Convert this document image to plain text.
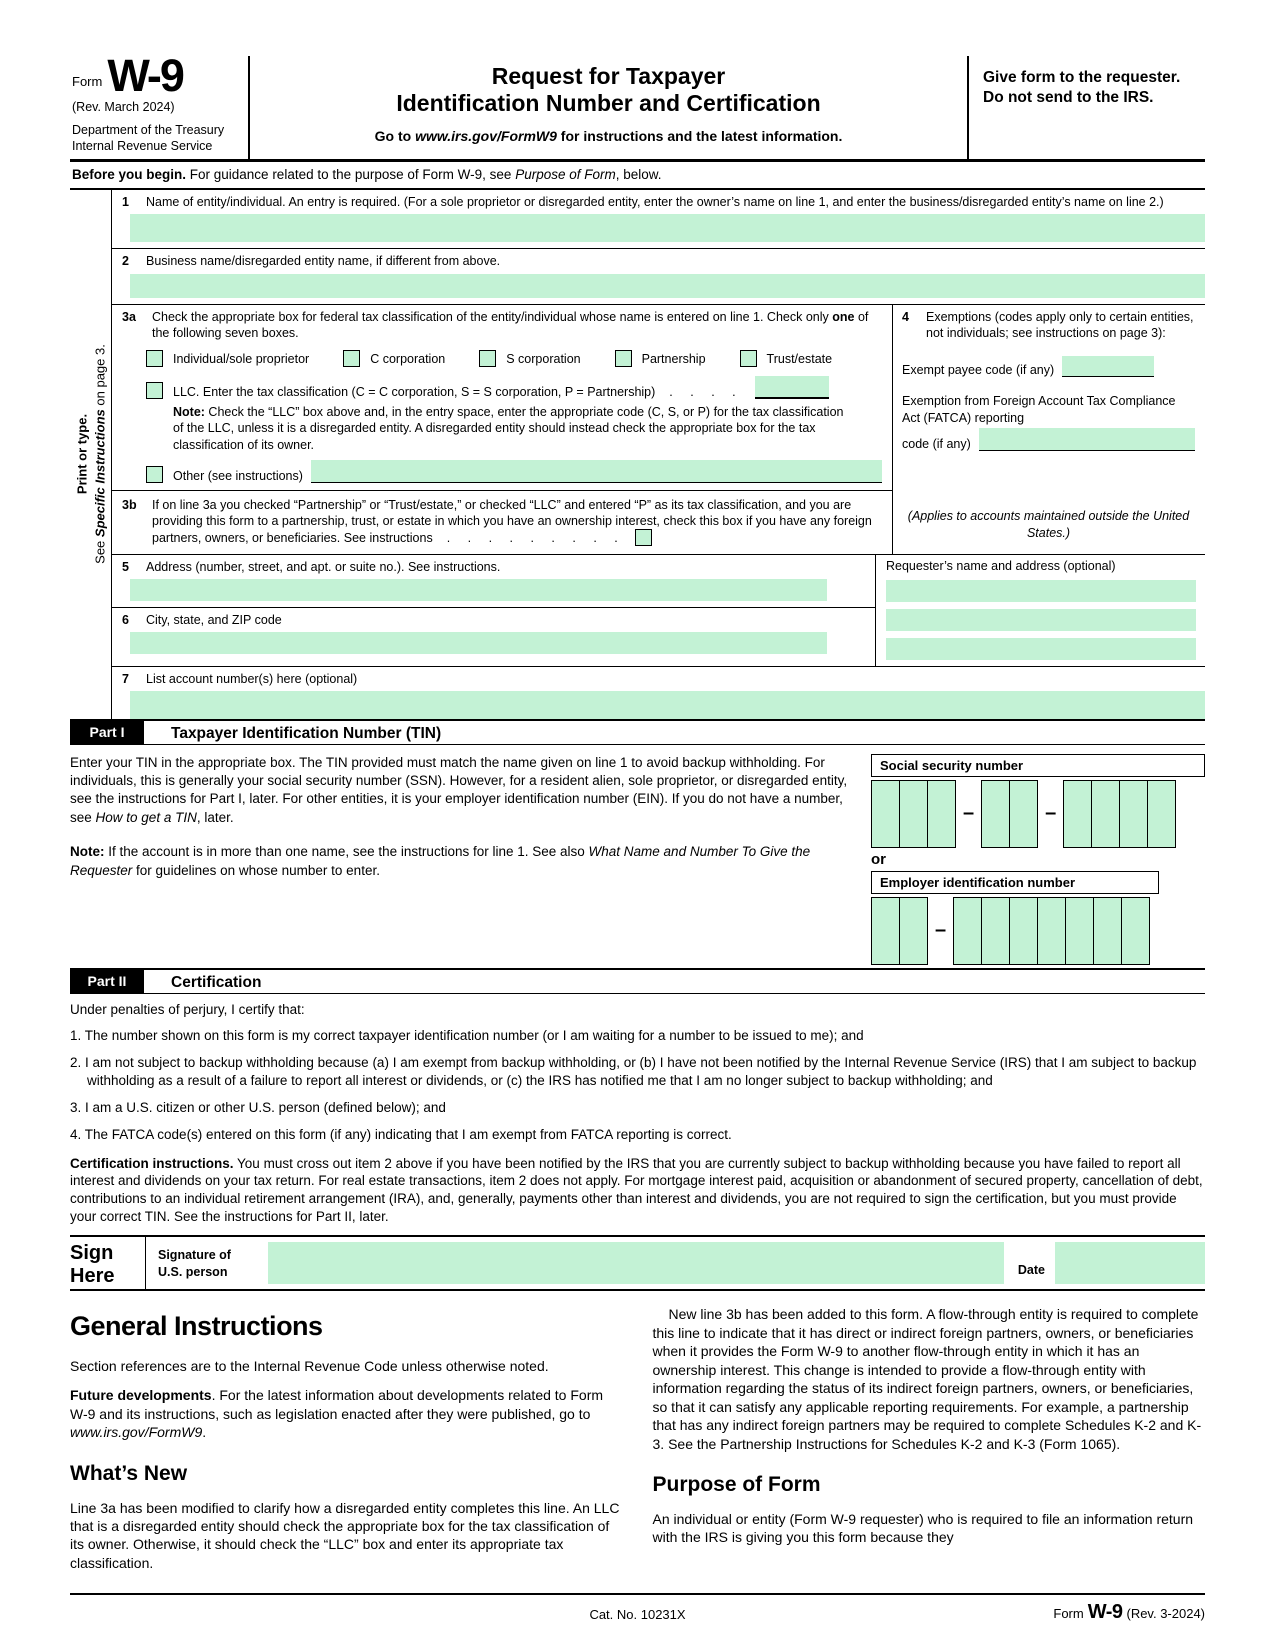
Form W-9
(Rev. March 2024)
Department of the Treasury
Internal Revenue Service
Request for Taxpayer
Identification Number and Certification
Go to www.irs.gov/FormW9 for instructions and the latest information.
Give form to the requester. Do not send to the IRS.
Before you begin. For guidance related to the purpose of Form W-9, see Purpose of Form, below.
Print or type.
See Specific Instructions on page 3.
1	Name of entity/individual. An entry is required. (For a sole proprietor or disregarded entity, enter the owner’s name on line 1, and enter the business/disregarded entity’s name on line 2.)
2	Business name/disregarded entity name, if different from above.
3a	Check the appropriate box for federal tax classification of the entity/individual whose name is entered on line 1. Check only one of the following seven boxes.
Individual/sole proprietor	C corporation	S corporation	Partnership	Trust/estate
LLC. Enter the tax classification (C = C corporation, S = S corporation, P = Partnership) . . . .
Note: Check the “LLC” box above and, in the entry space, enter the appropriate code (C, S, or P) for the tax classification of the LLC, unless it is a disregarded entity. A disregarded entity should instead check the appropriate box for the tax classification of its owner.
Other (see instructions)
3b	If on line 3a you checked “Partnership” or “Trust/estate,” or checked “LLC” and entered “P” as its tax classification, and you are providing this form to a partnership, trust, or estate in which you have an ownership interest, check this box if you have any foreign partners, owners, or beneficiaries. See instructions . . . . . . . . .
4	Exemptions (codes apply only to certain entities, not individuals; see instructions on page 3):
Exempt payee code (if any)
Exemption from Foreign Account Tax Compliance Act (FATCA) reporting
code (if any)
(Applies to accounts maintained outside the United States.)
5	Address (number, street, and apt. or suite no.). See instructions.
6	City, state, and ZIP code
Requester’s name and address (optional)
7	List account number(s) here (optional)
Part I	Taxpayer Identification Number (TIN)

Enter your TIN in the appropriate box. The TIN provided must match the name given on line 1 to avoid backup withholding. For individuals, this is generally your social security number (SSN). However, for a resident alien, sole proprietor, or disregarded entity, see the instructions for Part I, later. For other entities, it is your employer identification number (EIN). If you do not have a number, see How to get a TIN, later.

Note: If the account is in more than one name, see the instructions for line 1. See also What Name and Number To Give the Requester for guidelines on whose number to enter.

Social security number
–	–
or
Employer identification number
–
Part II	Certification
Under penalties of perjury, I certify that:
1. The number shown on this form is my correct taxpayer identification number (or I am waiting for a number to be issued to me); and
2. I am not subject to backup withholding because (a) I am exempt from backup withholding, or (b) I have not been notified by the Internal Revenue Service (IRS) that I am subject to backup withholding as a result of a failure to report all interest or dividends, or (c) the IRS has notified me that I am no longer subject to backup withholding; and
3. I am a U.S. citizen or other U.S. person (defined below); and
4. The FATCA code(s) entered on this form (if any) indicating that I am exempt from FATCA reporting is correct.
Certification instructions. You must cross out item 2 above if you have been notified by the IRS that you are currently subject to backup withholding because you have failed to report all interest and dividends on your tax return. For real estate transactions, item 2 does not apply. For mortgage interest paid, acquisition or abandonment of secured property, cancellation of debt, contributions to an individual retirement arrangement (IRA), and, generally, payments other than interest and dividends, you are not required to sign the certification, but you must provide your correct TIN. See the instructions for Part II, later.
Sign
Here
Signature of
U.S. person	Date
General Instructions

Section references are to the Internal Revenue Code unless otherwise noted.

Future developments. For the latest information about developments related to Form W-9 and its instructions, such as legislation enacted after they were published, go to www.irs.gov/FormW9.

What’s New

Line 3a has been modified to clarify how a disregarded entity completes this line. An LLC that is a disregarded entity should check the appropriate box for the tax classification of its owner. Otherwise, it should check the “LLC” box and enter its appropriate tax classification.

New line 3b has been added to this form. A flow-through entity is required to complete this line to indicate that it has direct or indirect foreign partners, owners, or beneficiaries when it provides the Form W-9 to another flow-through entity in which it has an ownership interest. This change is intended to provide a flow-through entity with information regarding the status of its indirect foreign partners, owners, or beneficiaries, so that it can satisfy any applicable reporting requirements. For example, a partnership that has any indirect foreign partners may be required to complete Schedules K-2 and K-3. See the Partnership Instructions for Schedules K-2 and K-3 (Form 1065).

Purpose of Form

An individual or entity (Form W-9 requester) who is required to file an information return with the IRS is giving you this form because they

Cat. No. 10231X	Form W-9 (Rev. 3-2024)
